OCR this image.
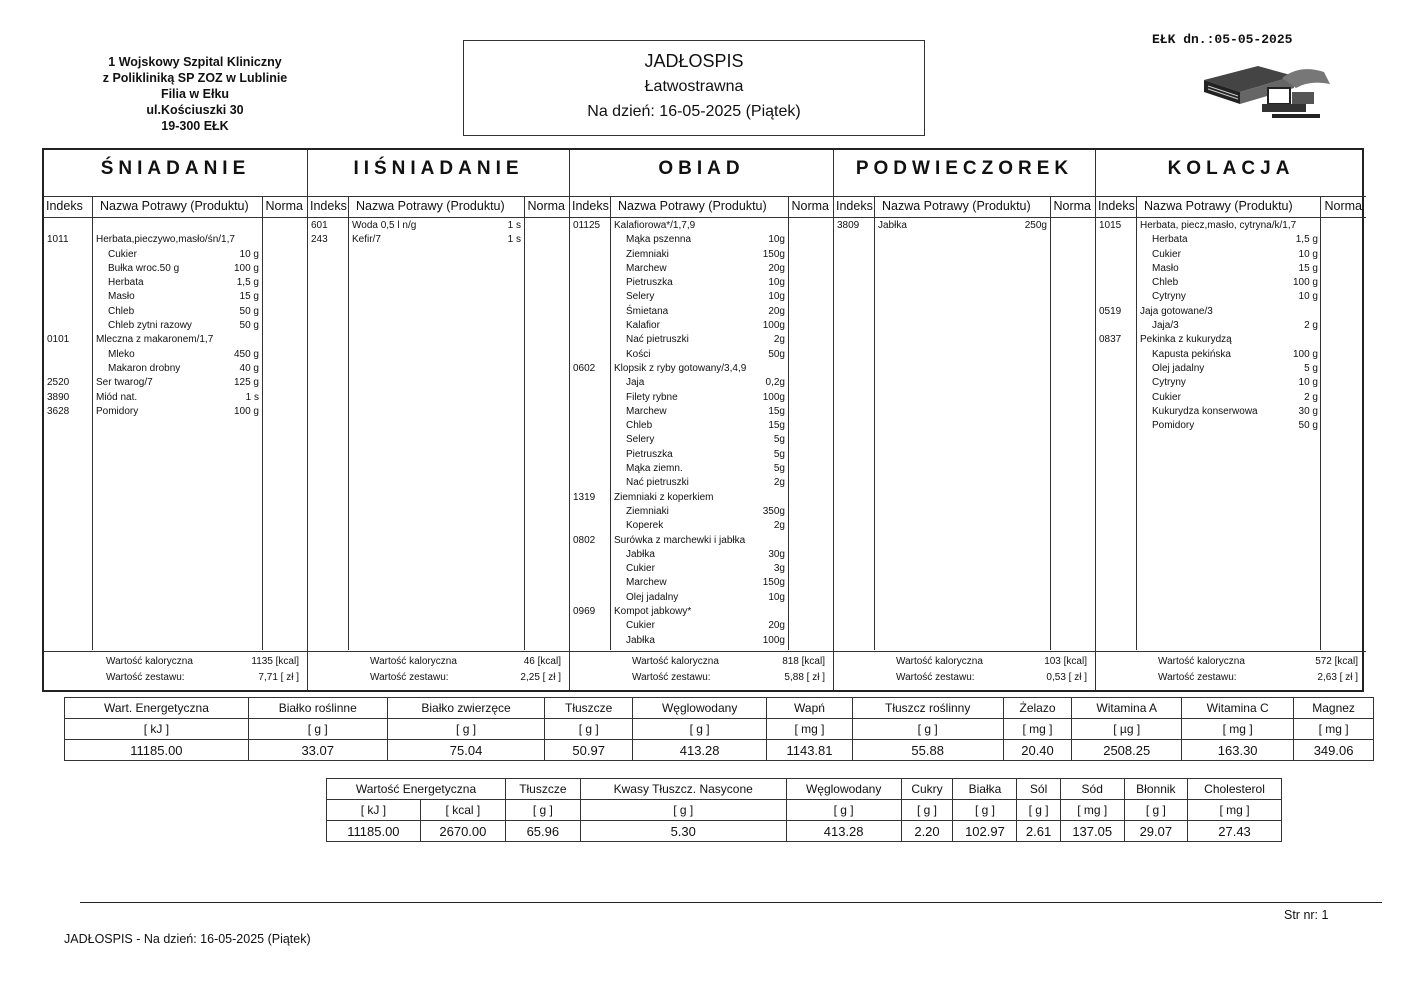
1 Wojskowy Szpital Kliniczny
z Polikliniką SP ZOZ w Lublinie
Filia w Ełku
ul.Kościuszki 30
19-300 EŁK
JADŁOSPIS
Łatwostrawna
Na dzień: 16-05-2025 (Piątek)
EŁK dn.:05-05-2025
ŚNIADANIE
Indeks Nazwa Potrawy (Produktu) Norma
1011	Herbata,pieczywo,masło/śn/1,7
Cukier	10 g
Bułka wroc.50 g	100 g
Herbata	1,5 g
Masło	15 g
Chleb	50 g
Chleb zytni razowy	50 g
0101	Mleczna z makaronem/1,7
Mleko	450 g
Makaron drobny	40 g
2520	Ser twarog/7	125 g
3890	Miód nat.	1 s
3628	Pomidory	100 g
Wartość kaloryczna	1135 [kcal]
Wartość zestawu:	7,71 [ zł ]
IIŚNIADANIE
Indeks Nazwa Potrawy (Produktu) Norma
601 Woda 0,5 l n/g	1 s
243 Kefir/7	1 s
Wartość kaloryczna	46 [kcal]
Wartość zestawu:	2,25 [ zł ]
OBIAD
Indeks Nazwa Potrawy (Produktu) Norma
01125 Kalafiorowa*/1,7,9
Mąka pszenna	10g
Ziemniaki	150g
Marchew	20g
Pietruszka	10g
Selery	10g
Śmietana	20g
Kalafior	100g
Nać pietruszki	2g
Kości	50g
0602 Klopsik z ryby gotowany/3,4,9
Jaja	0,2g
Filety rybne	100g
Marchew	15g
Chleb	15g
Selery	5g
Pietruszka	5g
Mąka ziemn.	5g
Nać pietruszki	2g
1319 Ziemniaki z koperkiem
Ziemniaki	350g
Koperek	2g
0802 Surówka z marchewki i jabłka
Jabłka	30g
Cukier	3g
Marchew	150g
Olej jadalny	10g
0969 Kompot jabkowy*
Cukier	20g
Jabłka	100g
Wartość kaloryczna	818 [kcal]
Wartość zestawu:	5,88 [ zł ]
PODWIECZOREK
Indeks Nazwa Potrawy (Produktu) Norma
3809 Jabłka	250g
Wartość kaloryczna	103 [kcal]
Wartość zestawu:	0,53 [ zł ]
KOLACJA
Indeks Nazwa Potrawy (Produktu)	Norma
1015 Herbata, piecz,masło, cytryna/k/1,7
Herbata	1,5 g
Cukier	10 g
Masło	15 g
Chleb	100 g
Cytryny	10 g
0519 Jaja gotowane/3
Jaja/3	2 g
0837 Pekinka z kukurydzą
Kapusta pekińska	100 g
Olej jadalny	5 g
Cytryny	10 g
Cukier	2 g
Kukurydza konserwowa	30 g
Pomidory	50 g
Wartość kaloryczna	572 [kcal]
Wartość zestawu:	2,63 [ zł ]
Wart. Energetyczna	Białko roślinne	Białko zwierzęce	Tłuszcze	Węglowodany	Wapń	Tłuszcz roślinny	Żelazo	Witamina A	Witamina C	Magnez
[ kJ ]	[ g ]	[ g ]	[ g ]	[ g ]	[ mg ]	[ g ]	[ mg ]	[ µg ]	[ mg ]	[ mg ]
11185.00	33.07	75.04	50.97	413.28	1143.81	55.88	20.40	2508.25	163.30	349.06
Wartość Energetyczna		Tłuszcze	Kwasy Tłuszcz. Nasycone	Węglowodany	Cukry	Białka	Sól	Sód	Błonnik	Cholesterol
[ kJ ]	[ kcal ]	[ g ]	[ g ]	[ g ]	[ g ]	[ g ]	[ g ]	[ mg ]	[ g ]	[ mg ]
11185.00	2670.00	65.96	5.30	413.28	2.20	102.97	2.61	137.05	29.07	27.43
Str nr: 1
JADŁOSPIS - Na dzień: 16-05-2025 (Piątek)
